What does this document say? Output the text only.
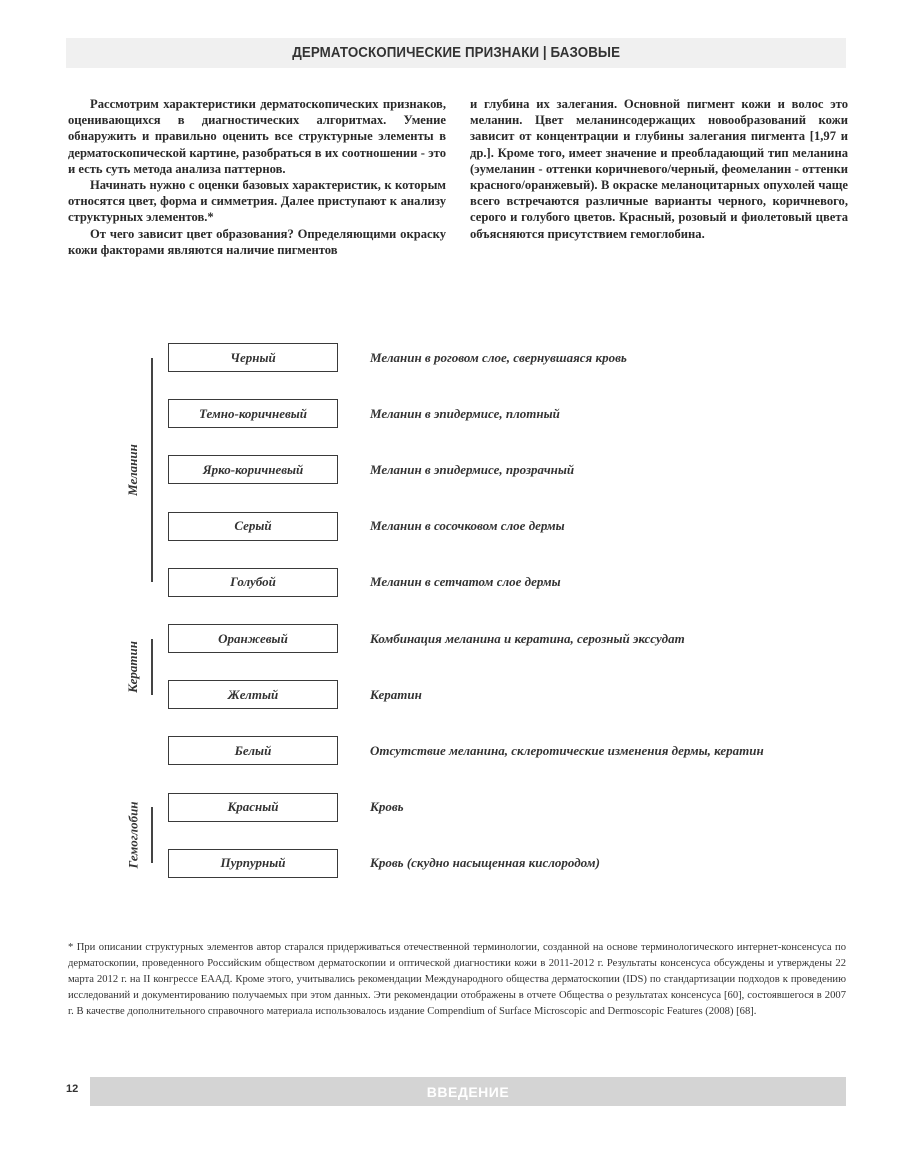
ДЕРМАТОСКОПИЧЕСКИЕ ПРИЗНАКИ | БАЗОВЫЕ

Рассмотрим характеристики дерматоскопических признаков, оценивающихся в диагностических алгоритмах. Умение обнаружить и правильно оценить все структурные элементы в дерматоскопической картине, разобраться в их соотношении - это и есть суть метода анализа паттернов.

Начинать нужно с оценки базовых характеристик, к которым относятся цвет, форма и симметрия. Далее приступают к анализу структурных элементов.*

От чего зависит цвет образования? Определяющими окраску кожи факторами являются наличие пигментов

и глубина их залегания. Основной пигмент кожи и волос это меланин. Цвет меланинсодержащих новообразований кожи зависит от концентрации и глубины залегания пигмента [1,97 и др.]. Кроме того, имеет значение и преобладающий тип меланина (эумеланин - оттенки коричневого/черный, феомеланин - оттенки красного/оранжевый). В окраске меланоцитарных опухолей чаще всего встречаются различные варианты черного, коричневого, серого и голубого цветов. Красный, розовый и фиолетовый цвета объясняются присутствием гемоглобина.

Черный	Меланин в роговом слое, свернувшаяся кровь
Темно-коричневый	Меланин в эпидермисе, плотный
Ярко-коричневый	Меланин в эпидермисе, прозрачный
Серый	Меланин в сосочковом слое дермы
Голубой	Меланин в сетчатом слое дермы
Оранжевый	Комбинация меланина и кератина, серозный экссудат
Желтый	Кератин
Белый	Отсутствие меланина, склеротические изменения дермы, кератин
Красный	Кровь
Пурпурный	Кровь (скудно насыщенная кислородом)
Меланин
Кератин
Гемоглобин
* При описании структурных элементов автор старался придерживаться отечественной терминологии, созданной на основе терминологического интернет-консенсуса по дерматоскопии, проведенного Российским обществом дерматоскопии и оптической диагностики кожи в 2011-2012 г. Результаты консенсуса обсуждены и утверждены 22 марта 2012 г. на II конгрессе ЕААД. Кроме этого, учитывались рекомендации Международного общества дерматоскопии (IDS) по стандартизации подходов к проведению исследований и документированию получаемых при этом данных. Эти рекомендации отображены в отчете Общества о результатах консенсуса [60], состоявшегося в 2007 г. В качестве дополнительного справочного материала использовалось издание Compendium of Surface Microscopic and Dermoscopic Features (2008) [68].
12	ВВЕДЕНИЕ
